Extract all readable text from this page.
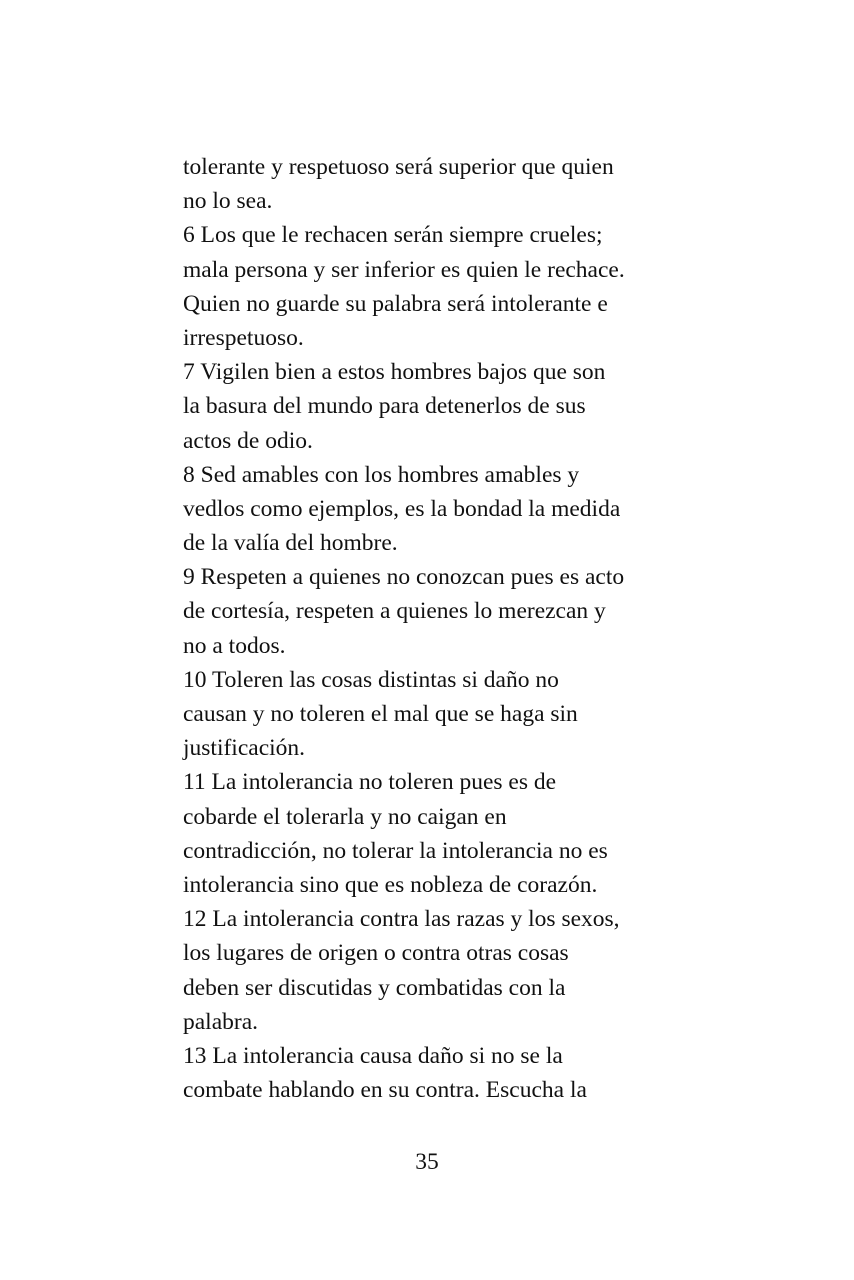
tolerante y respetuoso será superior que quien
no lo sea.
6 Los que le rechacen serán siempre crueles;
mala persona y ser inferior es quien le rechace.
Quien no guarde su palabra será intolerante e
irrespetuoso.
7 Vigilen bien a estos hombres bajos que son
la basura del mundo para detenerlos de sus
actos de odio.
8 Sed amables con los hombres amables y
vedlos como ejemplos, es la bondad la medida
de la valía del hombre.
9 Respeten a quienes no conozcan pues es acto
de cortesía, respeten a quienes lo merezcan y
no a todos.
10 Toleren las cosas distintas si daño no
causan y no toleren el mal que se haga sin
justificación.
11 La intolerancia no toleren pues es de
cobarde el tolerarla y no caigan en
contradicción, no tolerar la intolerancia no es
intolerancia sino que es nobleza de corazón.
12 La intolerancia contra las razas y los sexos,
los lugares de origen o contra otras cosas
deben ser discutidas y combatidas con la
palabra.
13 La intolerancia causa daño si no se la
combate hablando en su contra. Escucha la
35
